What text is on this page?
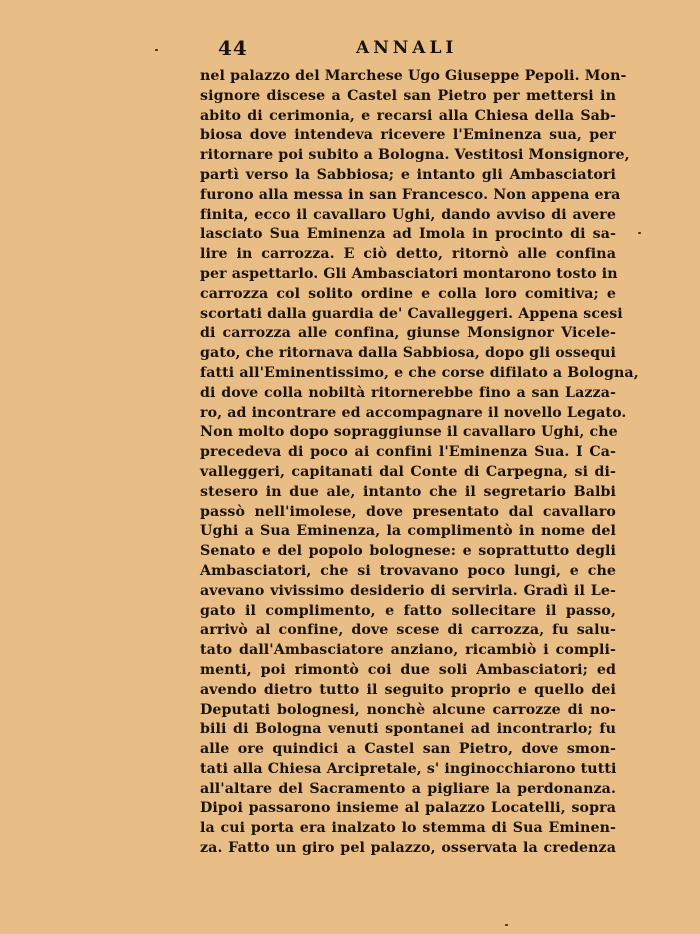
44	ANNALI
nel palazzo del Marchese Ugo Giuseppe Pepoli. Mon-
signore discese a Castel san Pietro per mettersi in
abito di cerimonia, e recarsi alla Chiesa della Sab-
biosa dove intendeva ricevere l'Eminenza sua, per
ritornare poi subito a Bologna. Vestitosi Monsignore,
partì verso la Sabbiosa; e intanto gli Ambasciatori
furono alla messa in san Francesco. Non appena era
finita, ecco il cavallaro Ughi, dando avviso di avere
lasciato Sua Eminenza ad Imola in procinto di sa-
lire in carrozza. E ciò detto, ritornò alle confina
per aspettarlo. Gli Ambasciatori montarono tosto in
carrozza col solito ordine e colla loro comitiva; e
scortati dalla guardia de' Cavalleggeri. Appena scesi
di carrozza alle confina, giunse Monsignor Vicele-
gato, che ritornava dalla Sabbiosa, dopo gli ossequi
fatti all'Eminentissimo, e che corse difilato a Bologna,
di dove colla nobiltà ritornerebbe fino a san Lazza-
ro, ad incontrare ed accompagnare il novello Legato.
Non molto dopo sopraggiunse il cavallaro Ughi, che
precedeva di poco ai confini l'Eminenza Sua. I Ca-
valleggeri, capitanati dal Conte di Carpegna, si di-
stesero in due ale, intanto che il segretario Balbi
passò nell'imolese, dove presentato dal cavallaro
Ughi a Sua Eminenza, la complimentò in nome del
Senato e del popolo bolognese: e soprattutto degli
Ambasciatori, che si trovavano poco lungi, e che
avevano vivissimo desiderio di servirla. Gradì il Le-
gato il complimento, e fatto sollecitare il passo,
arrivò al confine, dove scese di carrozza, fu salu-
tato dall'Ambasciatore anziano, ricambiò i compli-
menti, poi rimontò coi due soli Ambasciatori; ed
avendo dietro tutto il seguito proprio e quello dei
Deputati bolognesi, nonchè alcune carrozze di no-
bili di Bologna venuti spontanei ad incontrarlo; fu
alle ore quindici a Castel san Pietro, dove smon-
tati alla Chiesa Arcipretale, s' inginocchiarono tutti
all'altare del Sacramento a pigliare la perdonanza.
Dipoi passarono insieme al palazzo Locatelli, sopra
la cui porta era inalzato lo stemma di Sua Eminen-
za. Fatto un giro pel palazzo, osservata la credenza
